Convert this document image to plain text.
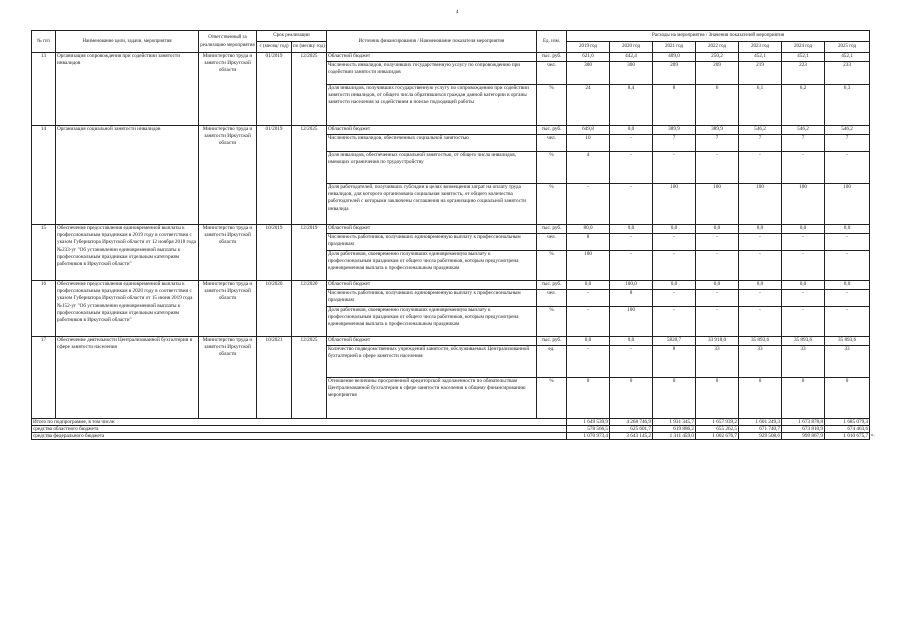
4
№ п/п	Наименование цели, задачи, мероприятия	Ответственный за реализацию мероприятия	Срок реализации		Источник финансирования / Наименование показателя мероприятия	Ед. изм.	Расходы на мероприятие / Значения показателей мероприятия						
			с (месяц/ год)	по (месяц/ год)			2019 год	2020 год	2021 год	2022 год	2023 год	2024 год	2025 год
13	Организация сопровождения при содействии занятости инвалидов	Министерство труда и занятости Иркутской области	01/2019	12/2025	Областной бюджет	тыс. руб.	621,6	442,4	409,0	250,2	452,1	452,1	452,1
					Численность инвалидов, получивших государственную услугу по сопровождению при содействии занятости инвалидов	чел.	300	300	209	209	219	223	233
					Доля инвалидов, получивших государственную услугу по сопровождению при содействии занятости инвалидов, от общего числа обратившихся граждан данной категории в органы занятости населения за содействием в поиске подходящей работы	%	24	8,4	8	6	6,1	6,2	6,3
14	Организация социальной занятости инвалидов	Министерство труда и занятости Иркутской области	01/2019	12/2025	Областной бюджет	тыс. руб.	649,8	0,0	389,9	389,9	546,2	546,2	546,2
					Численность инвалидов, обеспеченных социальной занятостью	чел.	10	-	7	7	7	7	7
					Доля инвалидов, обеспеченных социальной занятостью, от общего числа инвалидов, имеющих ограничения по трудоустройству	%	4	-	-	-	-	-	-
					Доля работодателей, получивших субсидии в целях возмещения затрат на оплату труда инвалидов, для которого организована социальная занятость, от общего количества работодателей с которыми заключены соглашения на организацию социальной занятости инвалида	%	-	-	100	100	100	100	100
15	Обеспечение предоставления единовременной выплаты к профессиональным праздникам в 2019 году в соответствии с указом Губернатора Иркутской области от 12 ноября 2018 года №233-уг "Об установлении единовременной выплаты к профессиональным праздникам отдельным категориям работников в Иркутской области"	Министерство труда и занятости Иркутской области	10/2019	12/2019	Областной бюджет	тыс. руб.	80,0	0,0	0,0	0,0	0,0	0,0	0,0
					Численность работников, получивших единовременную выплату к профессиональным праздникам	чел.	8	-	-	-	-	-	-
					Доля работников, своевременно получивших единовременную выплату к профессиональным праздникам от общего числа работников, которым предусмотрена единовременная выплата к профессиональным праздникам	%	100	-	-	-	-	-	-
16	Обеспечение предоставления единовременной выплаты к профессиональным праздникам в 2020 году в соответствии с указом Губернатора Иркутской области от 15 июня 2019 года №152-уг "Об установлении единовременной выплаты к профессиональным праздникам отдельным категориям работников в Иркутской области"	Министерство труда и занятости Иркутской области	10/2020	12/2020	Областной бюджет	тыс. руб.	0,0	100,0	0,0	0,0	0,0	0,0	0,0
					Численность работников, получивших единовременную выплату к профессиональным праздникам	чел.	-	8	-	-	-	-	-
					Доля работников, своевременно получивших единовременную выплату к профессиональным праздникам от общего числа работников, которым предусмотрена единовременная выплата к профессиональным праздникам	%	-	100	-	-	-	-	-
17	Обеспечение деятельности Централизованной бухгалтерии в сфере занятости населения	Министерство труда и занятости Иркутской области	10/2021	12/2025	Областной бюджет	тыс. руб.	0,0	0,0	5820,7	33 918,0	35 893,6	35 893,6	35 893,6
					Количество подведомственных учреждений занятости, обслуживаемых Централизованной бухгалтерией в сфере занятости населения	ед.	-	-	8	33	33	33	33
					Отношение величины просроченной кредиторской задолженности по обязательствам Централизованной бухгалтерии в сфере занятости населения к общему финансированию мероприятия	%	0	0	0	0	0	0	0
Итого по подпрограмме, в том числе:							1 649 539,9	4 268 746,9	1 931 345,7	1 657 939,2	1 601 249,3	1 673 878,8	1 685 079,3
средства областного бюджета							578 566,5	625 601,7	619 886,2	655 262,5	671 740,7	673 810,9	674 463,6
средства федерального бюджета							1 070 973,4	3 643 145,2	1 311 459,0	1 002 676,7	929 508,6	999 867,9	1 010 675,7 ».
